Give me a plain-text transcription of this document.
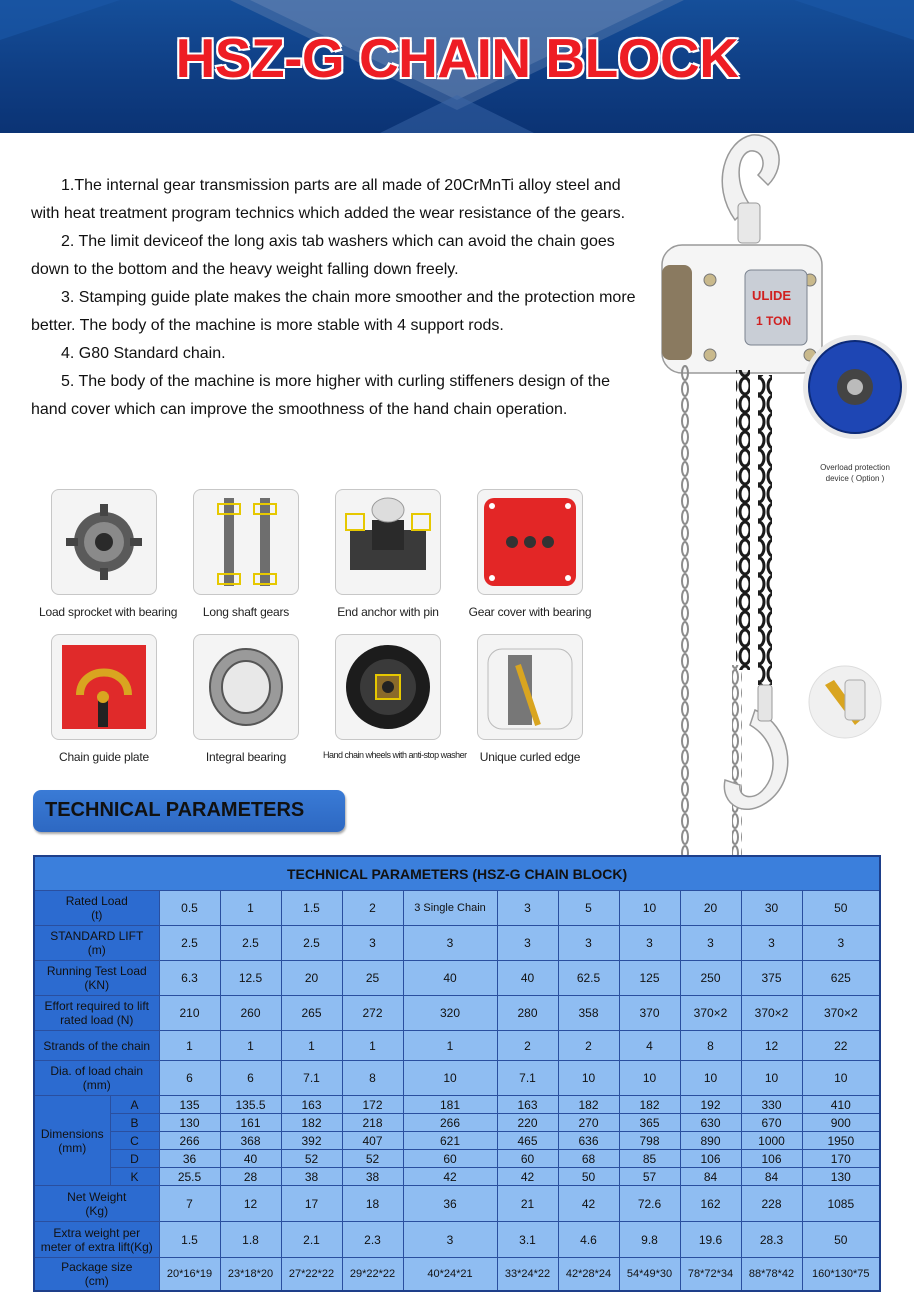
HSZ-G CHAIN BLOCK

1.The internal gear transmission parts are all made of 20CrMnTi alloy steel and with heat treatment program technics which added the wear resistance of the gears.

2. The limit deviceof the long axis tab washers which can avoid the chain goes down to the bottom and the heavy weight falling down freely.

3. Stamping guide plate makes the chain more smoother and the protection more better. The body of the machine is more stable with 4 support rods.

4. G80 Standard chain.

5. The body of the machine is more higher with curling stiffeners design of the hand cover which can improve the smoothness of the hand chain operation.

ULIDE
1 TON
Overload protection
device ( Option )
Load sprocket with bearing	Long shaft gears	End anchor with pin	Gear cover with bearing
Chain guide plate	Integral bearing	Hand chain wheels with anti-stop washer	Unique curled edge
TECHNICAL PARAMETERS
TECHNICAL PARAMETERS (HSZ-G CHAIN BLOCK)												

Rated Load
(t)		0.5	1	1.5	2	3 Single Chain	3	5	10	20	30	50

STANDARD LIFT
(m)		2.5	2.5	2.5	3	3	3	3	3	3	3	3

Running Test Load
(KN)		6.3	12.5	20	25	40	40	62.5	125	250	375	625

Effort required to lift
rated load (N)		210	260	265	272	320	280	358	370	370×2	370×2	370×2

Strands of the chain		1	1	1	1	1	2	2	4	8	12	22

Dia. of load chain
(mm)		6	6	7.1	8	10	7.1	10	10	10	10	10

Dimensions
(mm)	A	135	135.5	163	172	181	163	182	182	192	330	410
	B	130	161	182	218	266	220	270	365	630	670	900
	C	266	368	392	407	621	465	636	798	890	1000	1950
	D	36	40	52	52	60	60	68	85	106	106	170
	K	25.5	28	38	38	42	42	50	57	84	84	130

Net Weight
(Kg)		7	12	17	18	36	21	42	72.6	162	228	1085

Extra weight per
meter of extra lift(Kg)		1.5	1.8	2.1	2.3	3	3.1	4.6	9.8	19.6	28.3	50

Package size
(cm)		20*16*19	23*18*20	27*22*22	29*22*22	40*24*21	33*24*22	42*28*24	54*49*30	78*72*34	88*78*42	160*130*75
